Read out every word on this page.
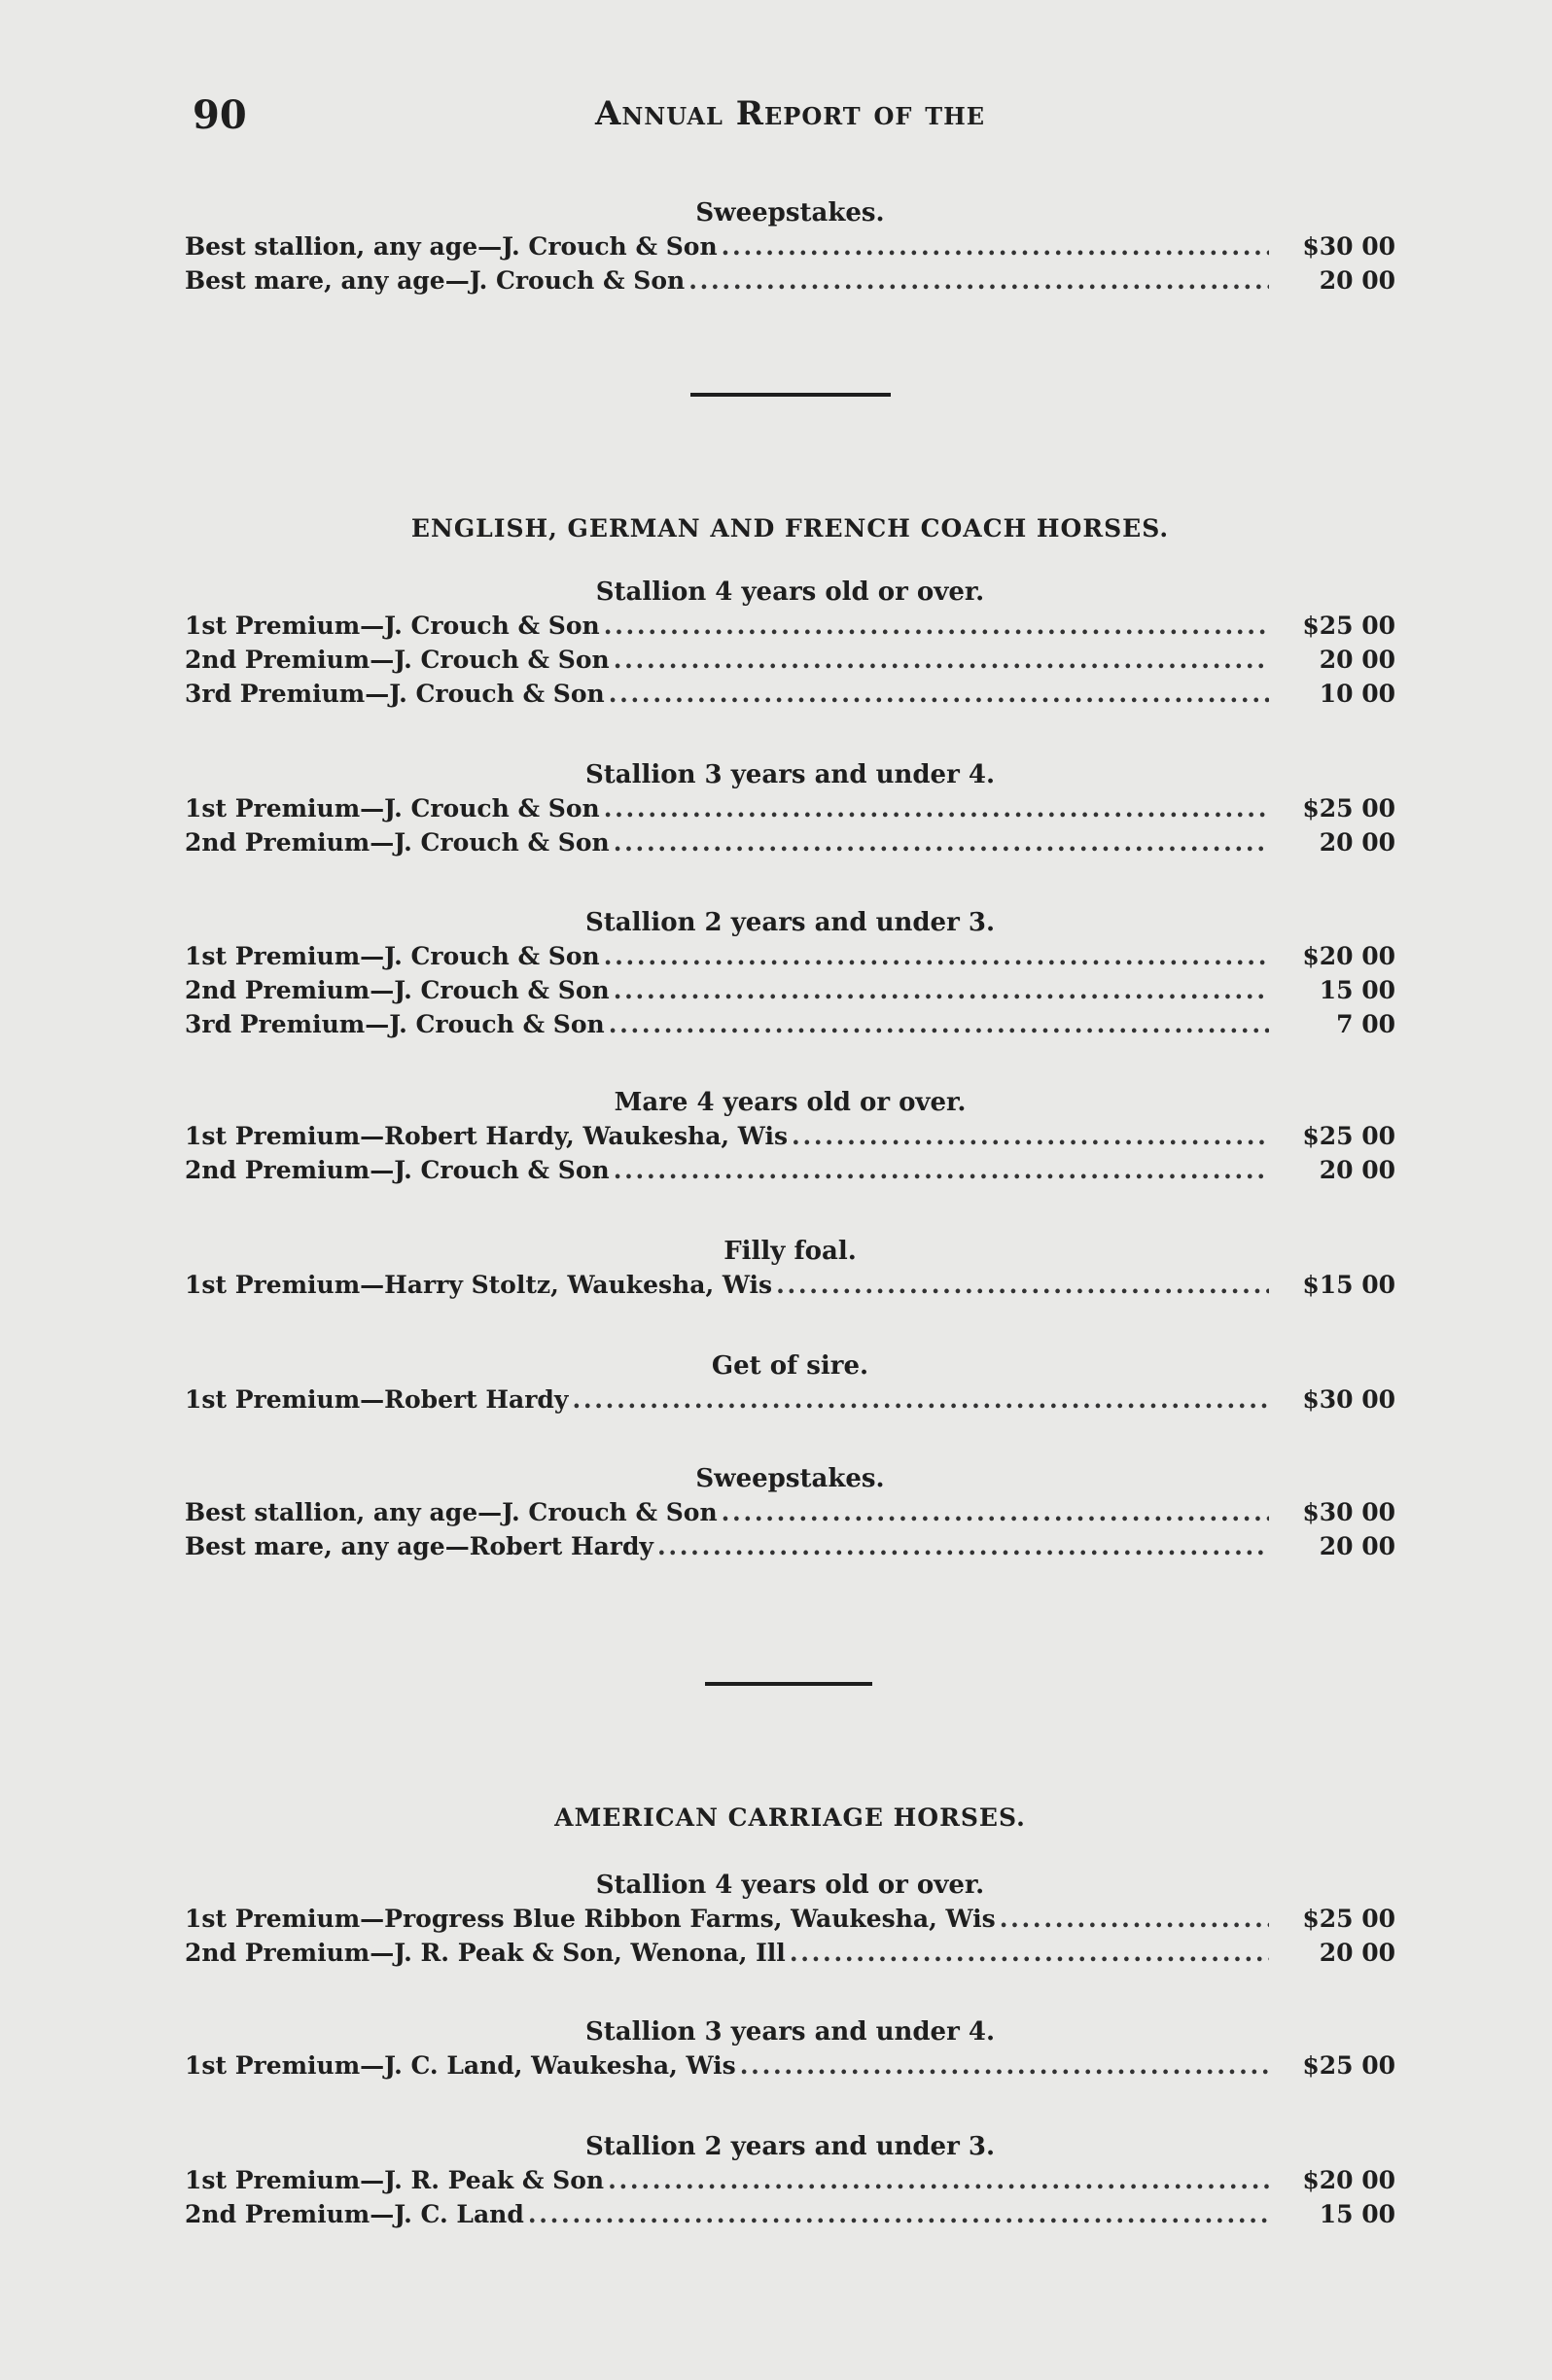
90	Annual Report of the
Sweepstakes.
Best stallion, any age—J. Crouch & Son . . .	$30 00
Best mare, any age—J. Crouch & Son . . .	20 00
ENGLISH, GERMAN AND FRENCH COACH HORSES.
Stallion 4 years old or over.
1st Premium—J. Crouch & Son . . .	$25 00
2nd Premium—J. Crouch & Son . . .	20 00
3rd Premium—J. Crouch & Son . . .	10 00
Stallion 3 years and under 4.
1st Premium—J. Crouch & Son . . .	$25 00
2nd Premium—J. Crouch & Son . . .	20 00
Stallion 2 years and under 3.
1st Premium—J. Crouch & Son . . .	$20 00
2nd Premium—J. Crouch & Son . . .	15 00
3rd Premium—J. Crouch & Son . . .	7 00
Mare 4 years old or over.
1st Premium—Robert Hardy, Waukesha, Wis . . .	$25 00
2nd Premium—J. Crouch & Son . . .	20 00
Filly foal.
1st Premium—Harry Stoltz, Waukesha, Wis . . .	$15 00
Get of sire.
1st Premium—Robert Hardy . . .	$30 00
Sweepstakes.
Best stallion, any age—J. Crouch & Son . . .	$30 00
Best mare, any age—Robert Hardy . . .	20 00
AMERICAN CARRIAGE HORSES.
Stallion 4 years old or over.
1st Premium—Progress Blue Ribbon Farms, Waukesha, Wis . . .	$25 00
2nd Premium—J. R. Peak & Son, Wenona, Ill . . .	20 00
Stallion 3 years and under 4.
1st Premium—J. C. Land, Waukesha, Wis . . .	$25 00
Stallion 2 years and under 3.
1st Premium—J. R. Peak & Son . . .	$20 00
2nd Premium—J. C. Land . . .	15 00
